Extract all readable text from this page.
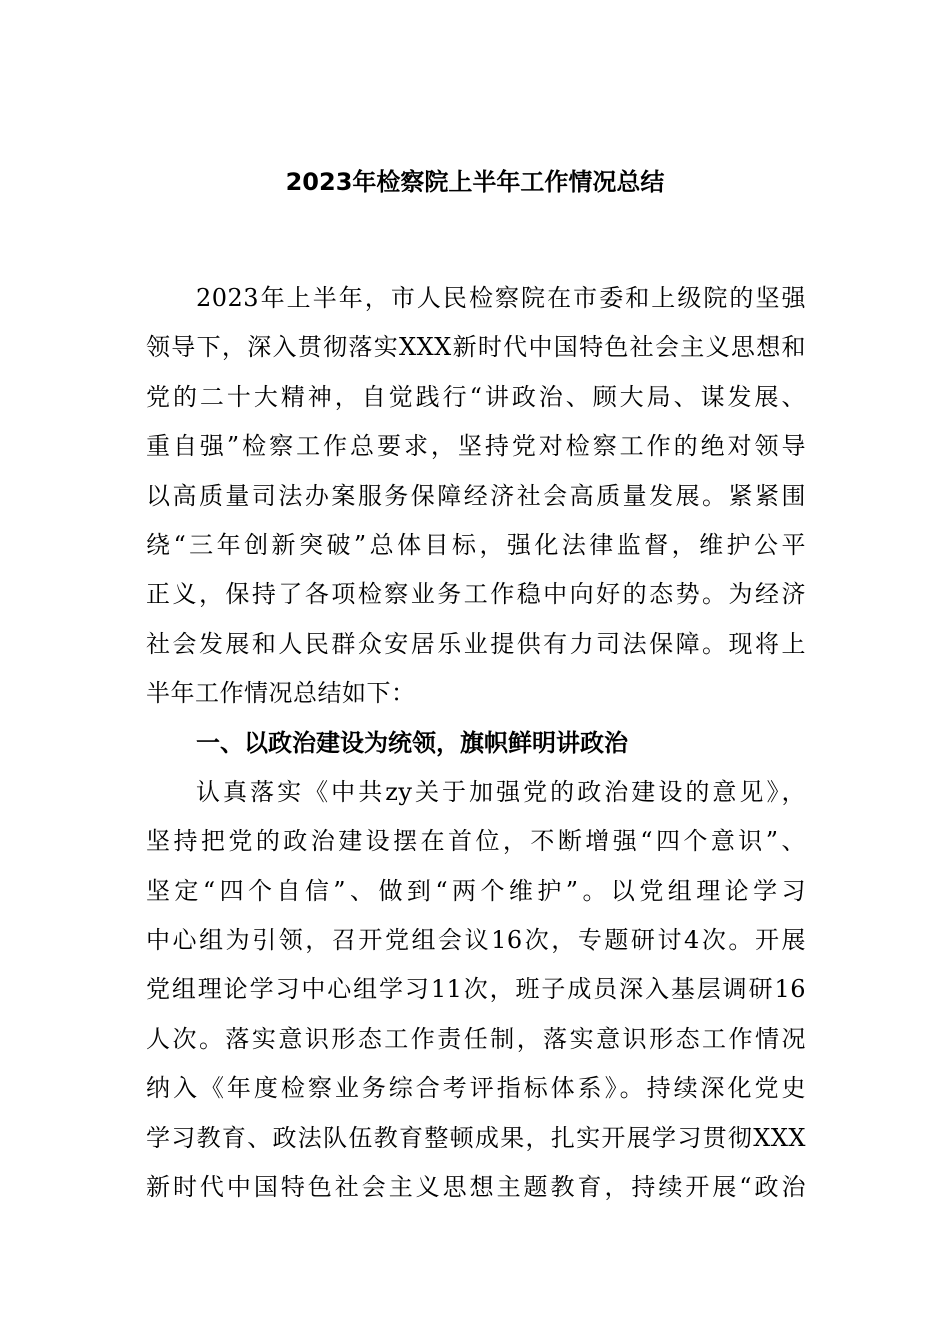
2023年检察院上半年工作情况总结
2023年上半年，市人民检察院在市委和上级院的坚强
领导下，深入贯彻落实XXX新时代中国特色社会主义思想和
党的二十大精神，自觉践行“讲政治、顾大局、谋发展、
重自强”检察工作总要求，坚持党对检察工作的绝对领导
以高质量司法办案服务保障经济社会高质量发展。紧紧围
绕“三年创新突破”总体目标，强化法律监督，维护公平
正义，保持了各项检察业务工作稳中向好的态势。为经济
社会发展和人民群众安居乐业提供有力司法保障。现将上
半年工作情况总结如下：
一、以政治建设为统领，旗帜鲜明讲政治
认真落实《中共zy关于加强党的政治建设的意见》，
坚持把党的政治建设摆在首位，不断增强“四个意识”、
坚定“四个自信”、做到“两个维护”。以党组理论学习
中心组为引领，召开党组会议16次，专题研讨4次。开展
党组理论学习中心组学习11次，班子成员深入基层调研16
人次。落实意识形态工作责任制，落实意识形态工作情况
纳入《年度检察业务综合考评指标体系》。持续深化党史
学习教育、政法队伍教育整顿成果，扎实开展学习贯彻XXX
新时代中国特色社会主义思想主题教育，持续开展“政治
